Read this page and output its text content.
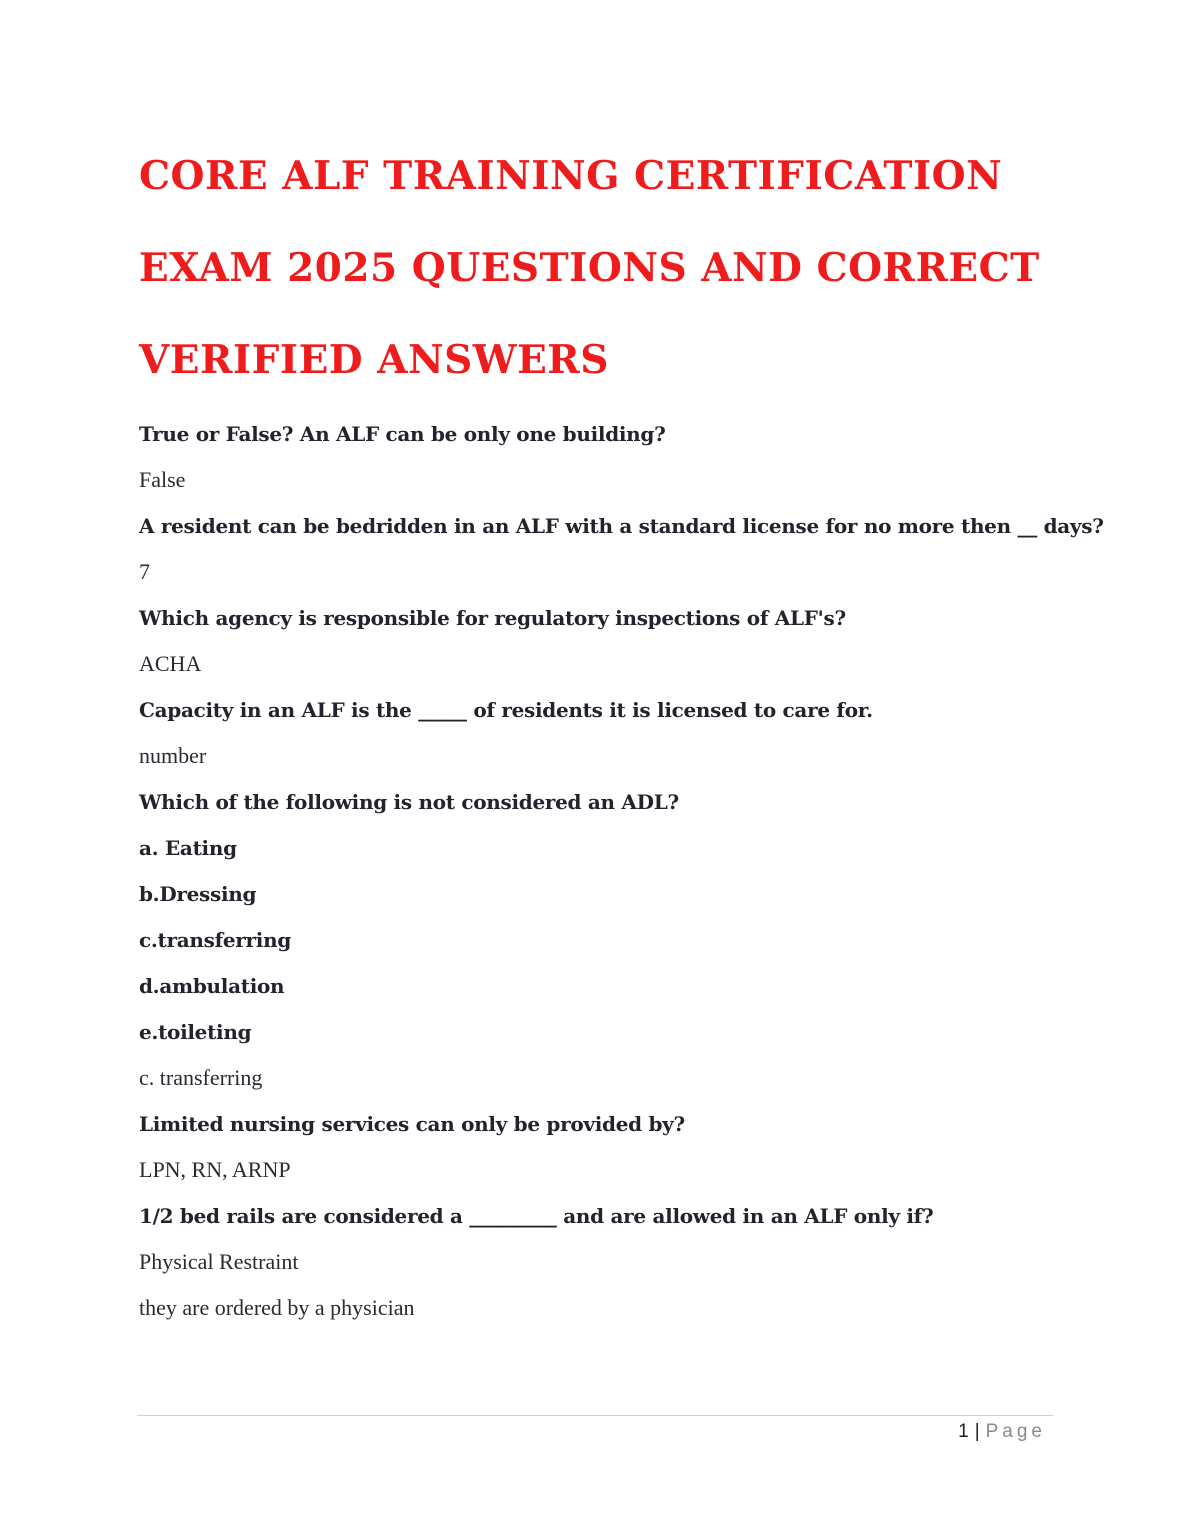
CORE ALF TRAINING CERTIFICATION
EXAM 2025 QUESTIONS AND CORRECT
VERIFIED ANSWERS

True or False? An ALF can be only one building?

False

A resident can be bedridden in an ALF with a standard license for no more then __ days?

7

Which agency is responsible for regulatory inspections of ALF's?

ACHA

Capacity in an ALF is the _____ of residents it is licensed to care for.

number

Which of the following is not considered an ADL?

a. Eating

b.Dressing

c.transferring

d.ambulation

e.toileting

c. transferring

Limited nursing services can only be provided by?

LPN, RN, ARNP

1/2 bed rails are considered a _________ and are allowed in an ALF only if?

Physical Restraint

they are ordered by a physician

1 | Page
